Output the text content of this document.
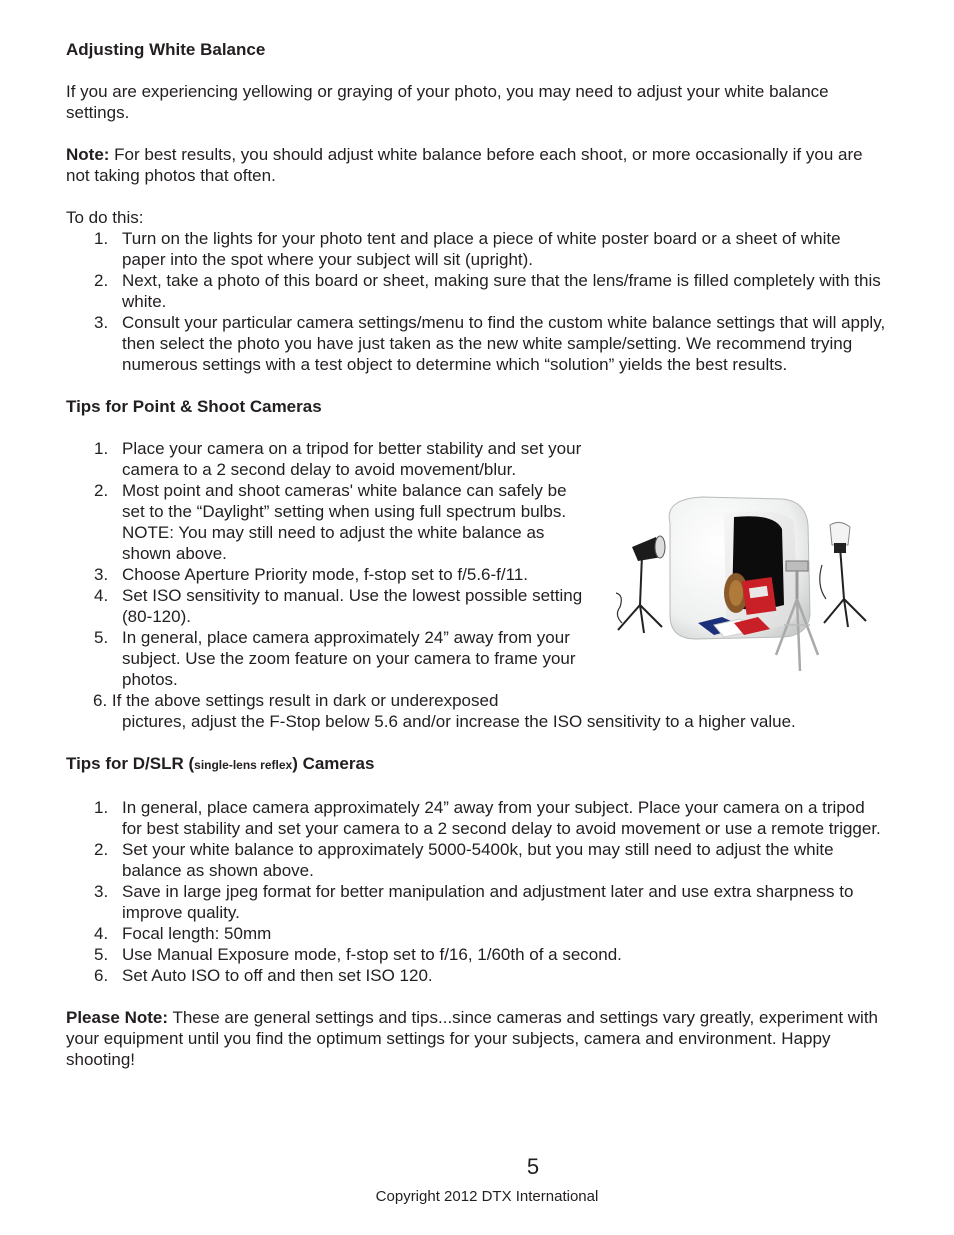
Adjusting White Balance

If you are experiencing yellowing or graying of your photo, you may need to adjust your white balance settings.

Note: For best results, you should adjust white balance before each shoot, or more occasionally if you are not taking photos that often.

To do this:

1. Turn on the lights for your photo tent and place a piece of white poster board or a sheet of white paper into the spot where your subject will sit (upright).
2. Next, take a photo of this board or sheet, making sure that the lens/frame is filled completely with this white.
3. Consult your particular camera settings/menu to find the custom white balance settings that will apply, then select the photo you have just taken as the new white sample/setting. We recommend trying numerous settings with a test object to determine which “solution” yields the best results.

Tips for Point & Shoot Cameras

1. Place your camera on a tripod for better stability and set your camera to a 2 second delay to avoid movement/blur.
2. Most point and shoot cameras' white balance can safely be set to the “Daylight” setting when using full spectrum bulbs. NOTE: You may still need to adjust the white balance as shown above.
3. Choose Aperture Priority mode, f-stop set to f/5.6-f/11.
4. Set ISO sensitivity to manual. Use the lowest possible setting (80-120).
5. In general, place camera approximately 24” away from your subject. Use the zoom feature on your camera to frame your photos.

6. If the above settings result in dark or underexposed
pictures, adjust the F-Stop below 5.6 and/or increase the ISO sensitivity to a higher value.

Tips for D/SLR (single-lens reflex) Cameras

1. In general, place camera approximately 24” away from your subject. Place your camera on a tripod for best stability and set your camera to a 2 second delay to avoid movement or use a remote trigger.
2. Set your white balance to approximately 5000-5400k, but you may still need to adjust the white balance as shown above.
3. Save in large jpeg format for better manipulation and adjustment later and use extra sharpness to improve quality.
4. Focal length: 50mm
5. Use Manual Exposure mode, f-stop set to f/16, 1/60th of a second.
6. Set Auto ISO to off and then set ISO 120.

Please Note: These are general settings and tips...since cameras and settings vary greatly, experiment with your equipment until you find the optimum settings for your subjects, camera and environment. Happy shooting!

5
Copyright 2012 DTX International
